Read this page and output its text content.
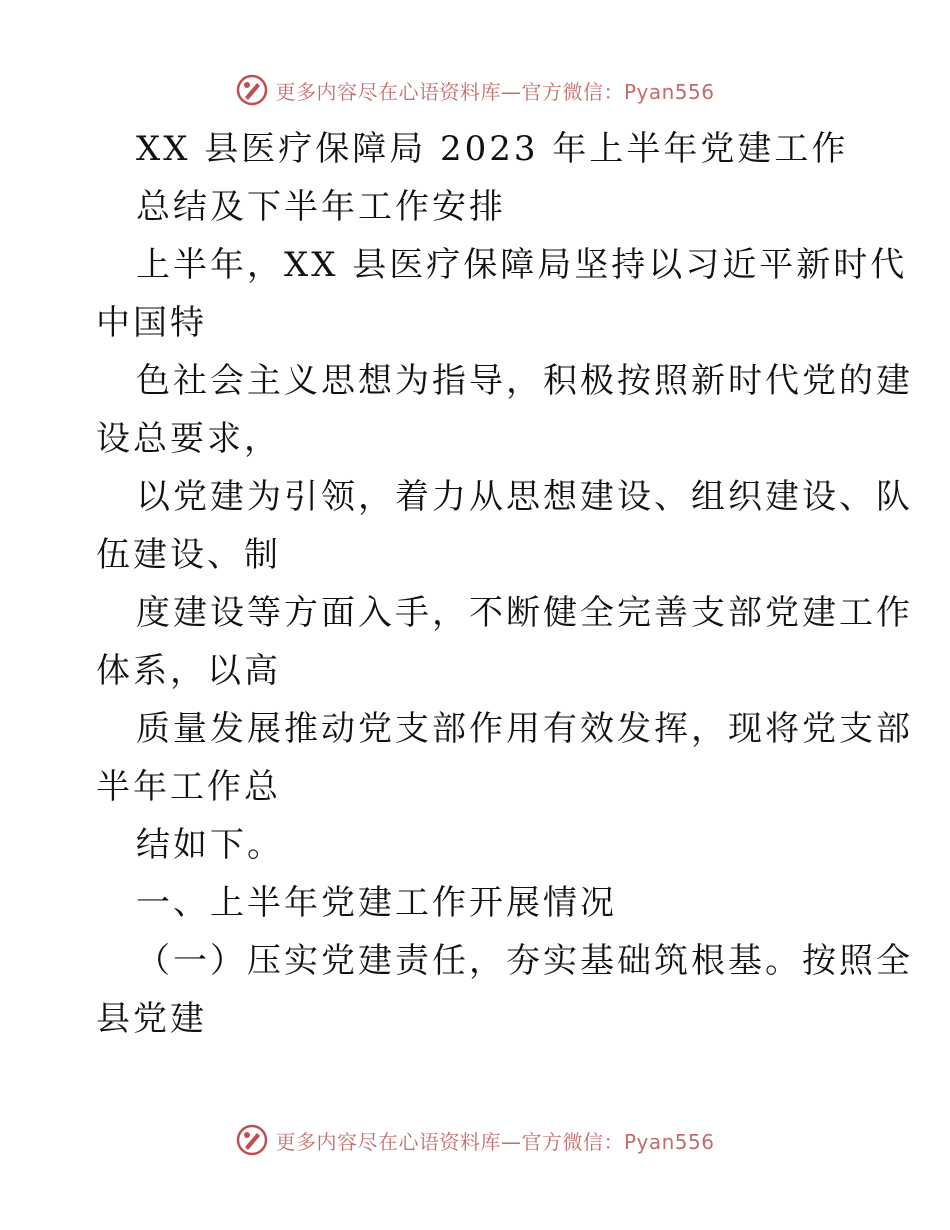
更多内容尽在心语资料库—官方微信：Pyan556
XX 县医疗保障局 2023 年上半年党建工作
总结及下半年工作安排
上半年，XX 县医疗保障局坚持以习近平新时代
中国特
色社会主义思想为指导，积极按照新时代党的建
设总要求，
以党建为引领，着力从思想建设、组织建设、队
伍建设、制
度建设等方面入手，不断健全完善支部党建工作
体系，以高
质量发展推动党支部作用有效发挥，现将党支部
半年工作总
结如下。
一、上半年党建工作开展情况
（一）压实党建责任，夯实基础筑根基。按照全
县党建
更多内容尽在心语资料库—官方微信：Pyan556
